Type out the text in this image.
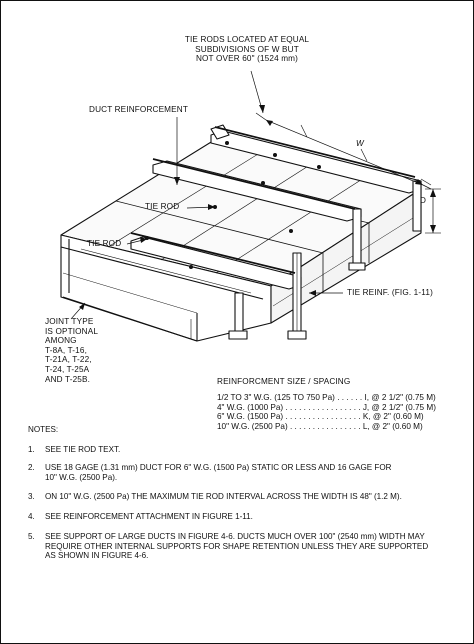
TIE RODS LOCATED AT EQUAL
SUBDIVISIONS OF W BUT
NOT OVER 60" (1524 mm)
DUCT REINFORCEMENT
TIE ROD
TIE ROD
W
D
TIE REINF. (FIG. 1-11)
JOINT TYPE
IS OPTIONAL
AMONG
T-8A, T-16,
T-21A, T-22,
T-24, T-25A
AND T-25B.	REINFORCMENT SIZE / SPACING
1/2 TO 3" W.G. (125 TO 750 Pa) . . . . . . I, @ 2 1/2" (0.75 M)
4" W.G. (1000 Pa) . . . . . . . . . . . . . . . . . J, @ 2 1/2" (0.75 M)
6" W.G. (1500 Pa) . . . . . . . . . . . . . . . . . K, @ 2" (0.60 M)
10" W.G. (2500 Pa) . . . . . . . . . . . . . . . . L, @ 2" (0.60 M)
NOTES:
1.	SEE TIE ROD TEXT.
2.	USE 18 GAGE (1.31 mm) DUCT FOR 6" W.G. (1500 Pa) STATIC OR LESS AND 16 GAGE FOR
10" W.G. (2500 Pa).
3.	ON 10" W.G. (2500 Pa) THE MAXIMUM TIE ROD INTERVAL ACROSS THE WIDTH IS 48" (1.2 M).
4.	SEE REINFORCEMENT ATTACHMENT IN FIGURE 1-11.
5.	SEE SUPPORT OF LARGE DUCTS IN FIGURE 4-6. DUCTS MUCH OVER 100" (2540 mm) WIDTH MAY
REQUIRE OTHER INTERNAL SUPPORTS FOR SHAPE RETENTION UNLESS THEY ARE SUPPORTED
AS SHOWN IN FIGURE 4-6.
